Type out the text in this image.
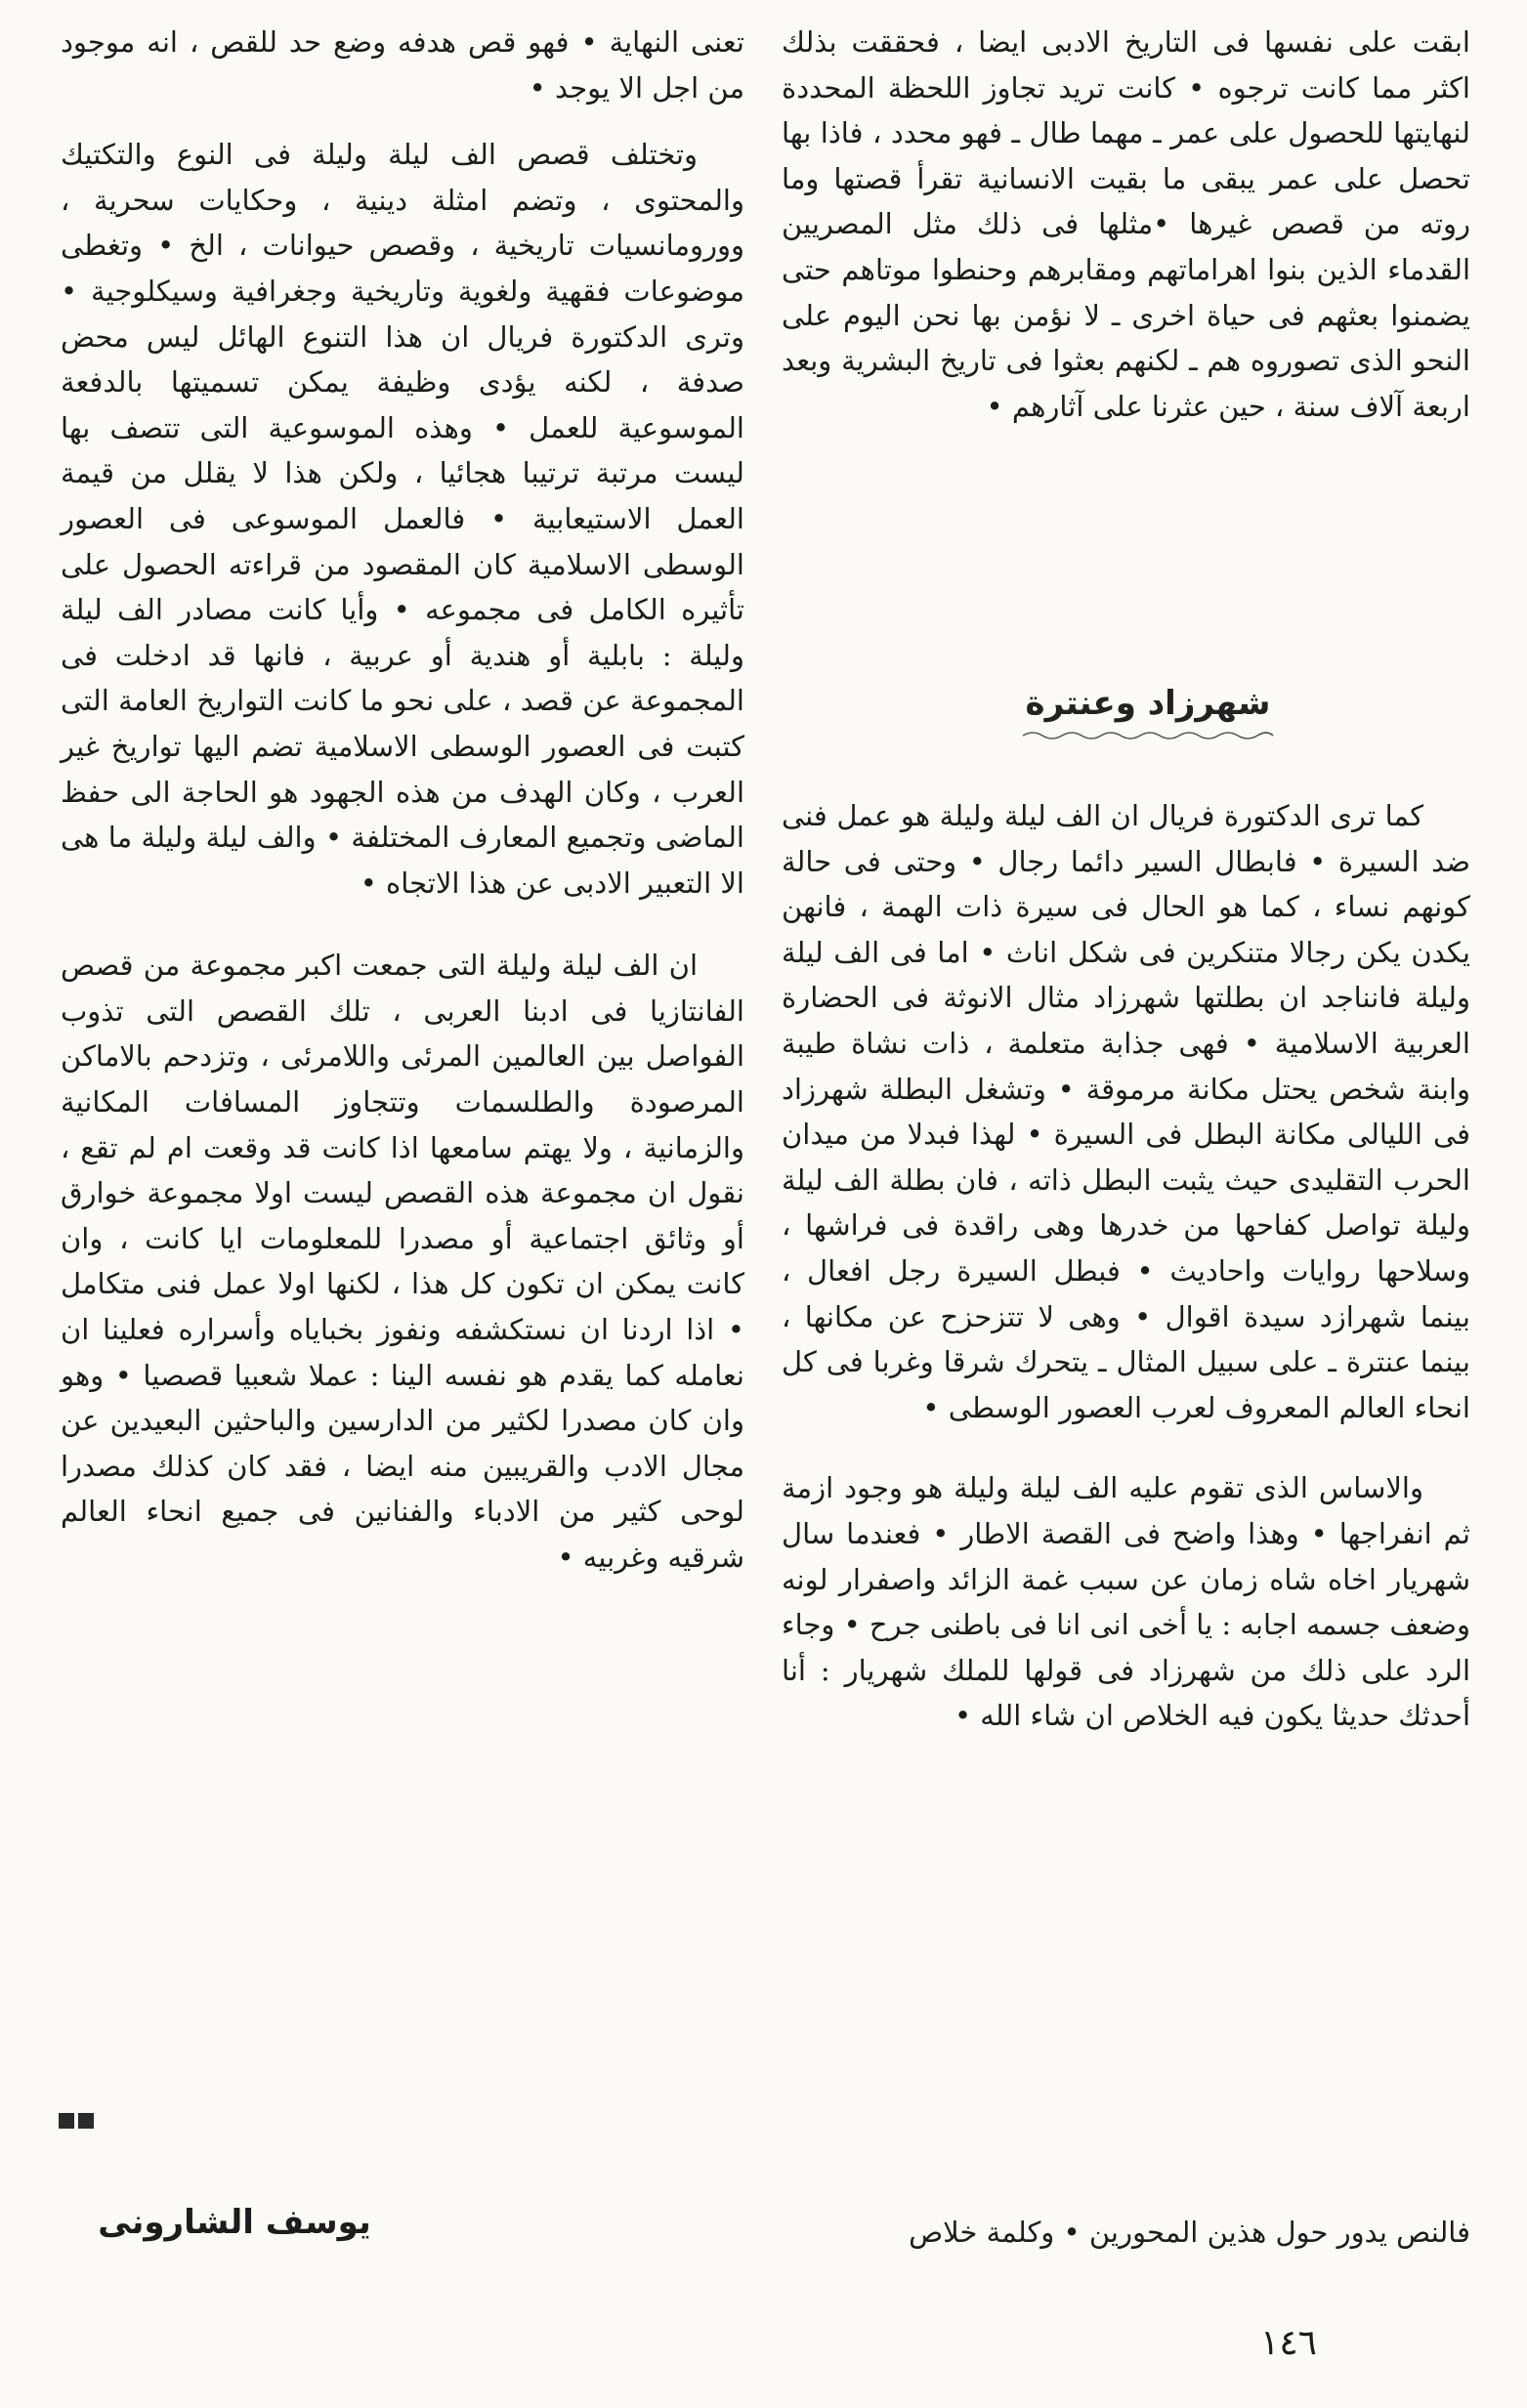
ابقت على نفسها فى التاريخ الادبى ايضا ، فحققت بذلك اكثر مما كانت ترجوه • كانت تريد تجاوز اللحظة المحددة لنهايتها للحصول على عمر ـ مهما طال ـ فهو محدد ، فاذا بها تحصل على عمر يبقى ما بقيت الانسانية تقرأ قصتها وما روته من قصص غيرها •مثلها فى ذلك مثل المصريين القدماء الذين بنوا اهراماتهم ومقابرهم وحنطوا موتاهم حتى يضمنوا بعثهم فى حياة اخرى ـ لا نؤمن بها نحن اليوم على النحو الذى تصوروه هم ـ لكنهم بعثوا فى تاريخ البشرية وبعد اربعة آلاف سنة ، حين عثرنا على آثارهم •

شهرزاد وعنترة

كما ترى الدكتورة فريال ان الف ليلة وليلة هو عمل فنى ضد السيرة • فابطال السير دائما رجال • وحتى فى حالة كونهم نساء ، كما هو الحال فى سيرة ذات الهمة ، فانهن يكدن يكن رجالا متنكرين فى شكل اناث • اما فى الف ليلة وليلة فانناجد ان بطلتها شهرزاد مثال الانوثة فى الحضارة العربية الاسلامية • فهى جذابة متعلمة ، ذات نشاة طيبة وابنة شخص يحتل مكانة مرموقة • وتشغل البطلة شهرزاد فى الليالى مكانة البطل فى السيرة • لهذا فبدلا من ميدان الحرب التقليدى حيث يثبت البطل ذاته ، فان بطلة الف ليلة وليلة تواصل كفاحها من خدرها وهى راقدة فى فراشها ، وسلاحها روايات واحاديث • فبطل السيرة رجل افعال ، بينما شهرازد سيدة اقوال • وهى لا تتزحزح عن مكانها ، بينما عنترة ـ على سبيل المثال ـ يتحرك شرقا وغربا فى كل انحاء العالم المعروف لعرب العصور الوسطى •

والاساس الذى تقوم عليه الف ليلة وليلة هو وجود ازمة ثم انفراجها • وهذا واضح فى القصة الاطار • فعندما سال شهريار اخاه شاه زمان عن سبب غمة الزائد واصفرار لونه وضعف جسمه اجابه : يا أخى انى انا فى باطنى جرح • وجاء الرد على ذلك من شهرزاد فى قولها للملك شهريار : أنا أحدثك حديثا يكون فيه الخلاص ان شاء الله •

فالنص يدور حول هذين المحورين • وكلمة خلاص

تعنى النهاية • فهو قص هدفه وضع حد للقص ، انه موجود من اجل الا يوجد •

وتختلف قصص الف ليلة وليلة فى النوع والتكتيك والمحتوى ، وتضم امثلة دينية ، وحكايات سحرية ، وورومانسيات تاريخية ، وقصص حيوانات ، الخ • وتغطى موضوعات فقهية ولغوية وتاريخية وجغرافية وسيكلوجية • وترى الدكتورة فريال ان هذا التنوع الهائل ليس محض صدفة ، لكنه يؤدى وظيفة يمكن تسميتها بالدفعة الموسوعية للعمل • وهذه الموسوعية التى تتصف بها ليست مرتبة ترتيبا هجائيا ، ولكن هذا لا يقلل من قيمة العمل الاستيعابية • فالعمل الموسوعى فى العصور الوسطى الاسلامية كان المقصود من قراءته الحصول على تأثيره الكامل فى مجموعه • وأيا كانت مصادر الف ليلة وليلة : بابلية أو هندية أو عربية ، فانها قد ادخلت فى المجموعة عن قصد ، على نحو ما كانت التواريخ العامة التى كتبت فى العصور الوسطى الاسلامية تضم اليها تواريخ غير العرب ، وكان الهدف من هذه الجهود هو الحاجة الى حفظ الماضى وتجميع المعارف المختلفة • والف ليلة وليلة ما هى الا التعبير الادبى عن هذا الاتجاه •

ان الف ليلة وليلة التى جمعت اكبر مجموعة من قصص الفانتازيا فى ادبنا العربى ، تلك القصص التى تذوب الفواصل بين العالمين المرئى واللامرئى ، وتزدحم بالاماكن المرصودة والطلسمات وتتجاوز المسافات المكانية والزمانية ، ولا يهتم سامعها اذا كانت قد وقعت ام لم تقع ، نقول ان مجموعة هذه القصص ليست اولا مجموعة خوارق أو وثائق اجتماعية أو مصدرا للمعلومات ايا كانت ، وان كانت يمكن ان تكون كل هذا ، لكنها اولا عمل فنى متكامل • اذا اردنا ان نستكشفه ونفوز بخباياه وأسراره فعلينا ان نعامله كما يقدم هو نفسه الينا : عملا شعبيا قصصيا • وهو وان كان مصدرا لكثير من الدارسين والباحثين البعيدين عن مجال الادب والقريبين منه ايضا ، فقد كان كذلك مصدرا لوحى كثير من الادباء والفنانين فى جميع انحاء العالم شرقيه وغربيه •

يوسف الشارونى
١٤٦
